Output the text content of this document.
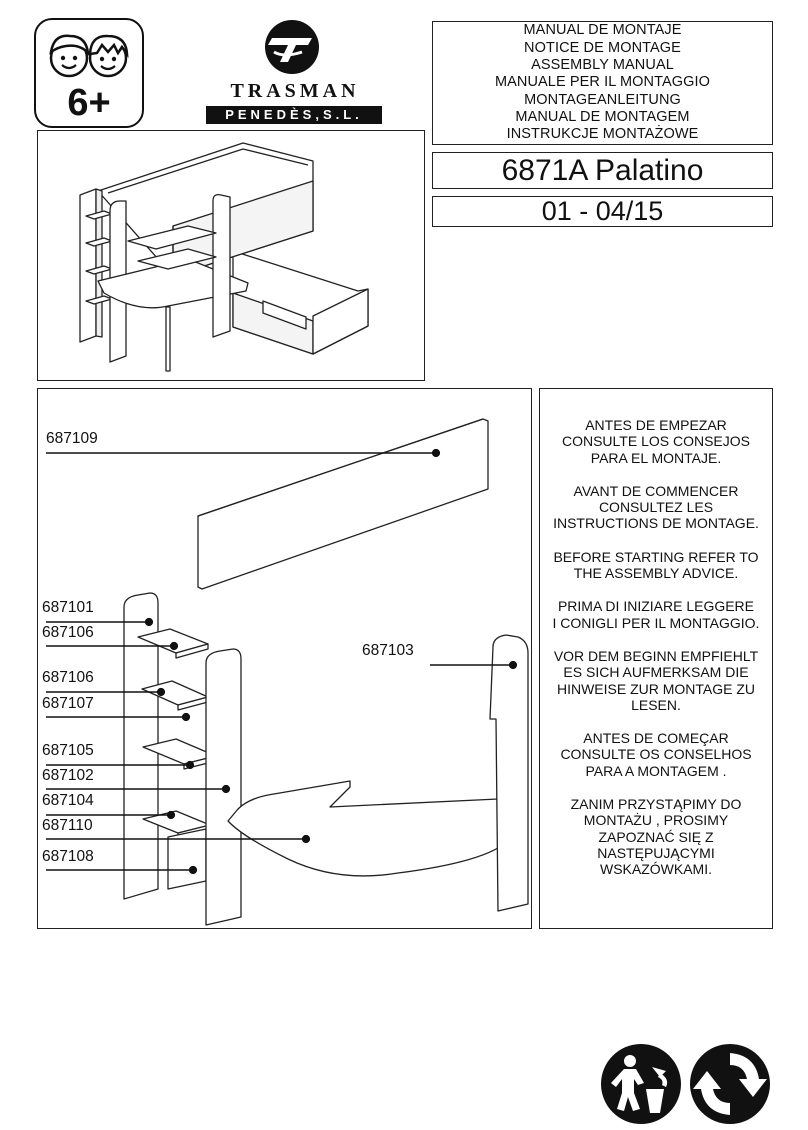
6+	TRASMAN
PENEDÈS,S.L.
MANUAL DE MONTAJE
NOTICE DE MONTAGE
ASSEMBLY MANUAL
MANUALE PER IL MONTAGGIO
MONTAGEANLEITUNG
MANUAL DE MONTAGEM
INSTRUKCJE MONTAŻOWE
6871A Palatino
01 - 04/15
687109
687101
687106
687106
687107
687105
687102
687104
687110
687108
687103

ANTES DE EMPEZAR
CONSULTE LOS CONSEJOS
PARA EL MONTAJE.

AVANT DE COMMENCER
CONSULTEZ LES
INSTRUCTIONS DE MONTAGE.

BEFORE STARTING REFER TO
THE ASSEMBLY ADVICE.

PRIMA DI INIZIARE LEGGERE
I CONIGLI PER IL MONTAGGIO.

VOR DEM BEGINN EMPFIEHLT
ES SICH AUFMERKSAM DIE
HINWEISE ZUR MONTAGE ZU
LESEN.

ANTES DE COMEÇAR
CONSULTE OS CONSELHOS
PARA A MONTAGEM .

ZANIM PRZYSTĄPIMY DO
MONTAŻU , PROSIMY
ZAPOZNAĆ SIĘ Z
NASTĘPUJĄCYMI
WSKAZÓWKAMI.
